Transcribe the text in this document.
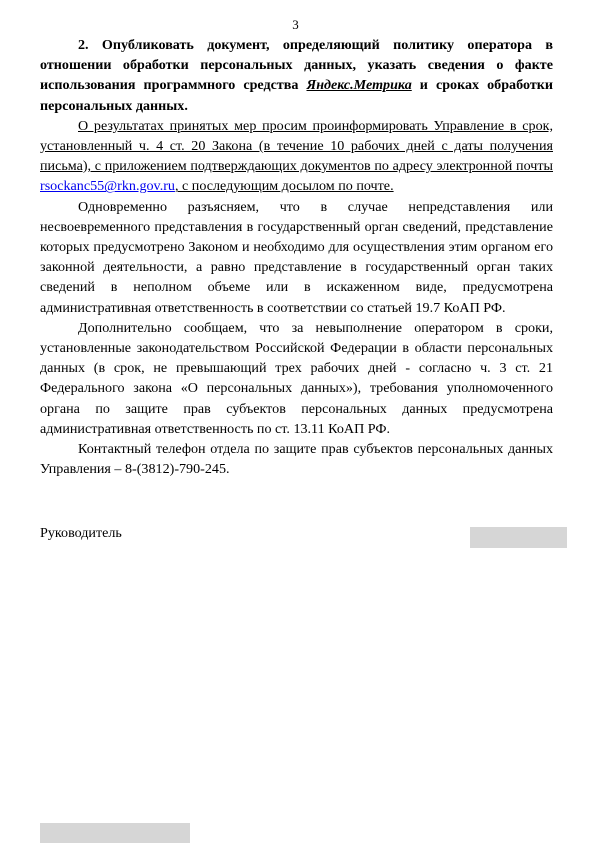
3

2. Опубликовать документ, определяющий политику оператора в отношении обработки персональных данных, указать сведения о факте использования программного средства Яндекс.Метрика и сроках обработки персональных данных.

О результатах принятых мер просим проинформировать Управление в срок, установленный ч. 4 ст. 20 Закона (в течение 10 рабочих дней с даты получения письма), с приложением подтверждающих документов по адресу электронной почты rsockanc55@rkn.gov.ru, с последующим досылом по почте.

Одновременно разъясняем, что в случае непредставления или несвоевременного представления в государственный орган сведений, представление которых предусмотрено Законом и необходимо для осуществления этим органом его законной деятельности, а равно представление в государственный орган таких сведений в неполном объеме или в искаженном виде, предусмотрена административная ответственность в соответствии со статьей 19.7 КоАП РФ.

Дополнительно сообщаем, что за невыполнение оператором в сроки, установленные законодательством Российской Федерации в области персональных данных (в срок, не превышающий трех рабочих дней - согласно ч. 3 ст. 21 Федерального закона «О персональных данных»), требования уполномоченного органа по защите прав субъектов персональных данных предусмотрена административная ответственность по ст. 13.11 КоАП РФ.

Контактный телефон отдела по защите прав субъектов персональных данных Управления – 8-(3812)-790-245.

Руководитель
